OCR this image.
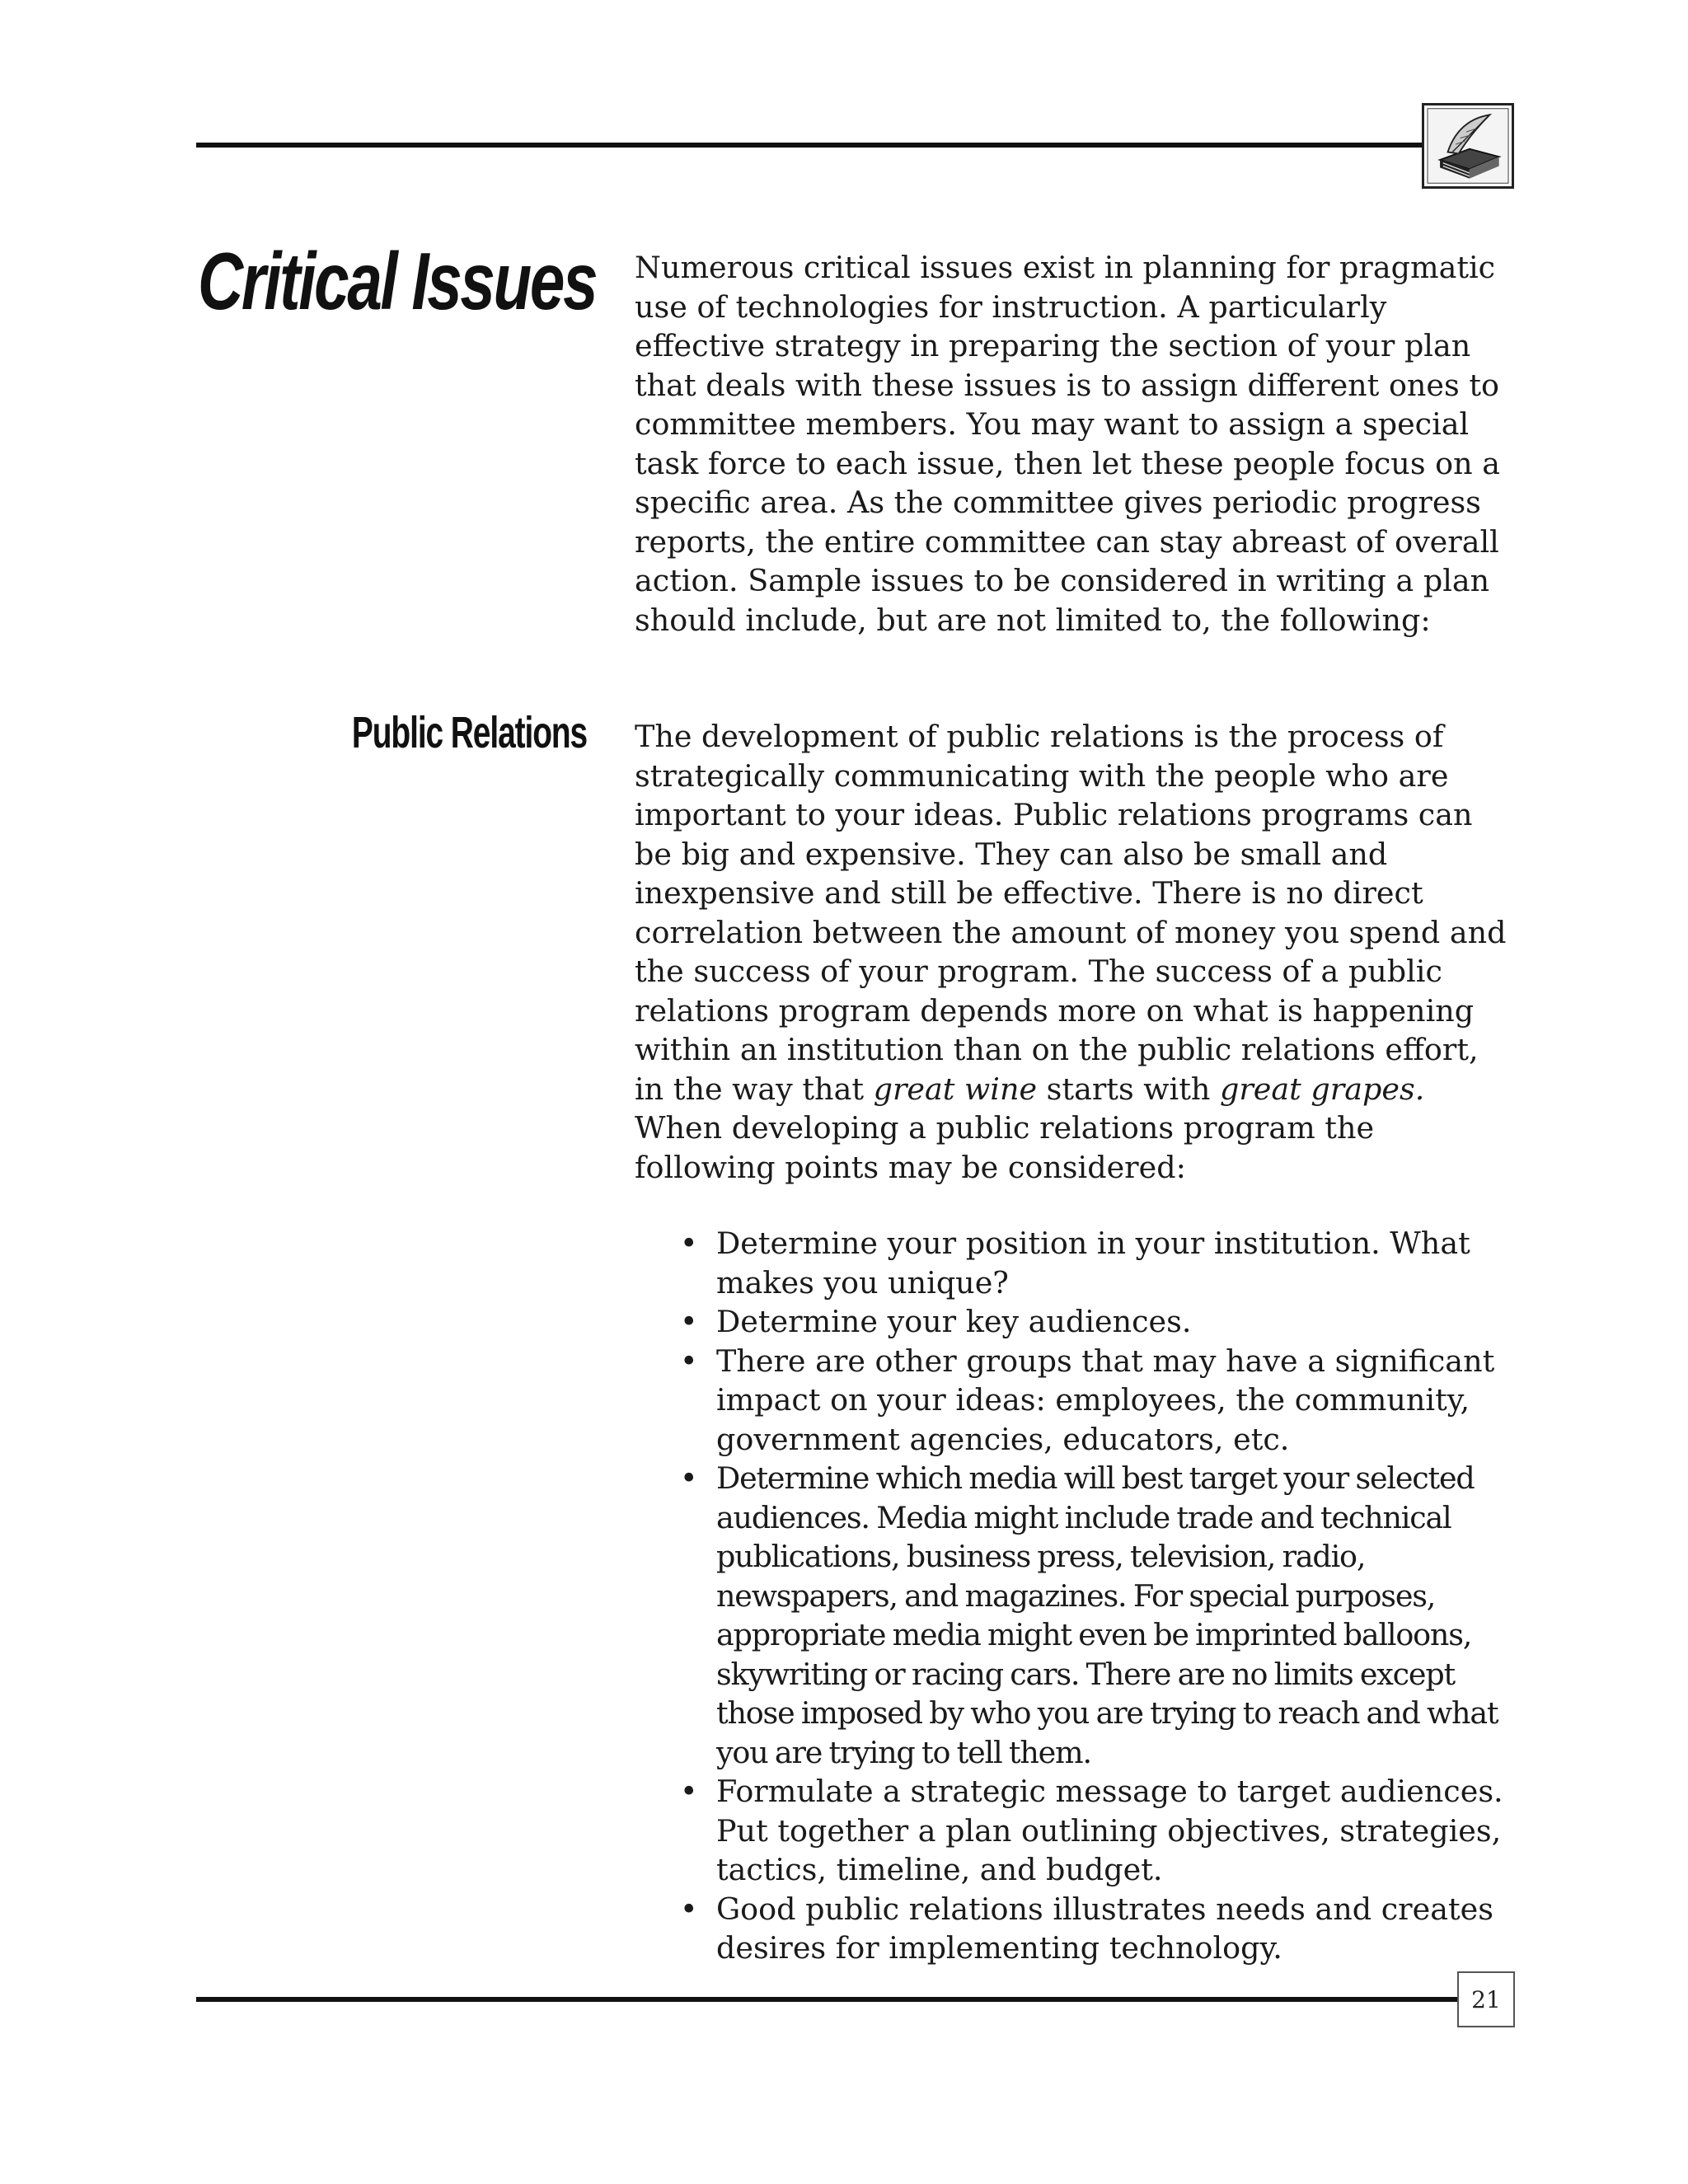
Critical Issues Numerous critical issues exist in planning for pragmatic use of technologies for instruction. A particularly effective strategy in preparing the section of your plan that deals with these issues is to assign different ones to committee members. You may want to assign a special task force to each issue, then let these people focus on a specific area. As the committee gives periodic progress reports, the entire committee can stay abreast of overall action. Sample issues to be considered in writing a plan should include, but are not limited to, the following:

Public Relations The development of public relations is the process of strategically communicating with the people who are important to your ideas. Public relations programs can be big and expensive. They can also be small and inexpensive and still be effective. There is no direct correlation between the amount of money you spend and the success of your program. The success of a public relations program depends more on what is happening within an institution than on the public relations effort, in the way that great wine starts with great grapes.

When developing a public relations program the following points may be considered:

• Determine your position in your institution. What makes you unique?
• Determine your key audiences.
• There are other groups that may have a significant impact on your ideas: employees, the community, government agencies, educators, etc.
• Determine which media will best target your selected audiences. Media might include trade and technical publications, business press, television, radio, newspapers, and magazines. For special purposes, appropriate media might even be imprinted balloons, skywriting or racing cars. There are no limits except those imposed by who you are trying to reach and what you are trying to tell them.
• Formulate a strategic message to target audiences. Put together a plan outlining objectives, strategies, tactics, timeline, and budget.
• Good public relations illustrates needs and creates desires for implementing technology.
21
